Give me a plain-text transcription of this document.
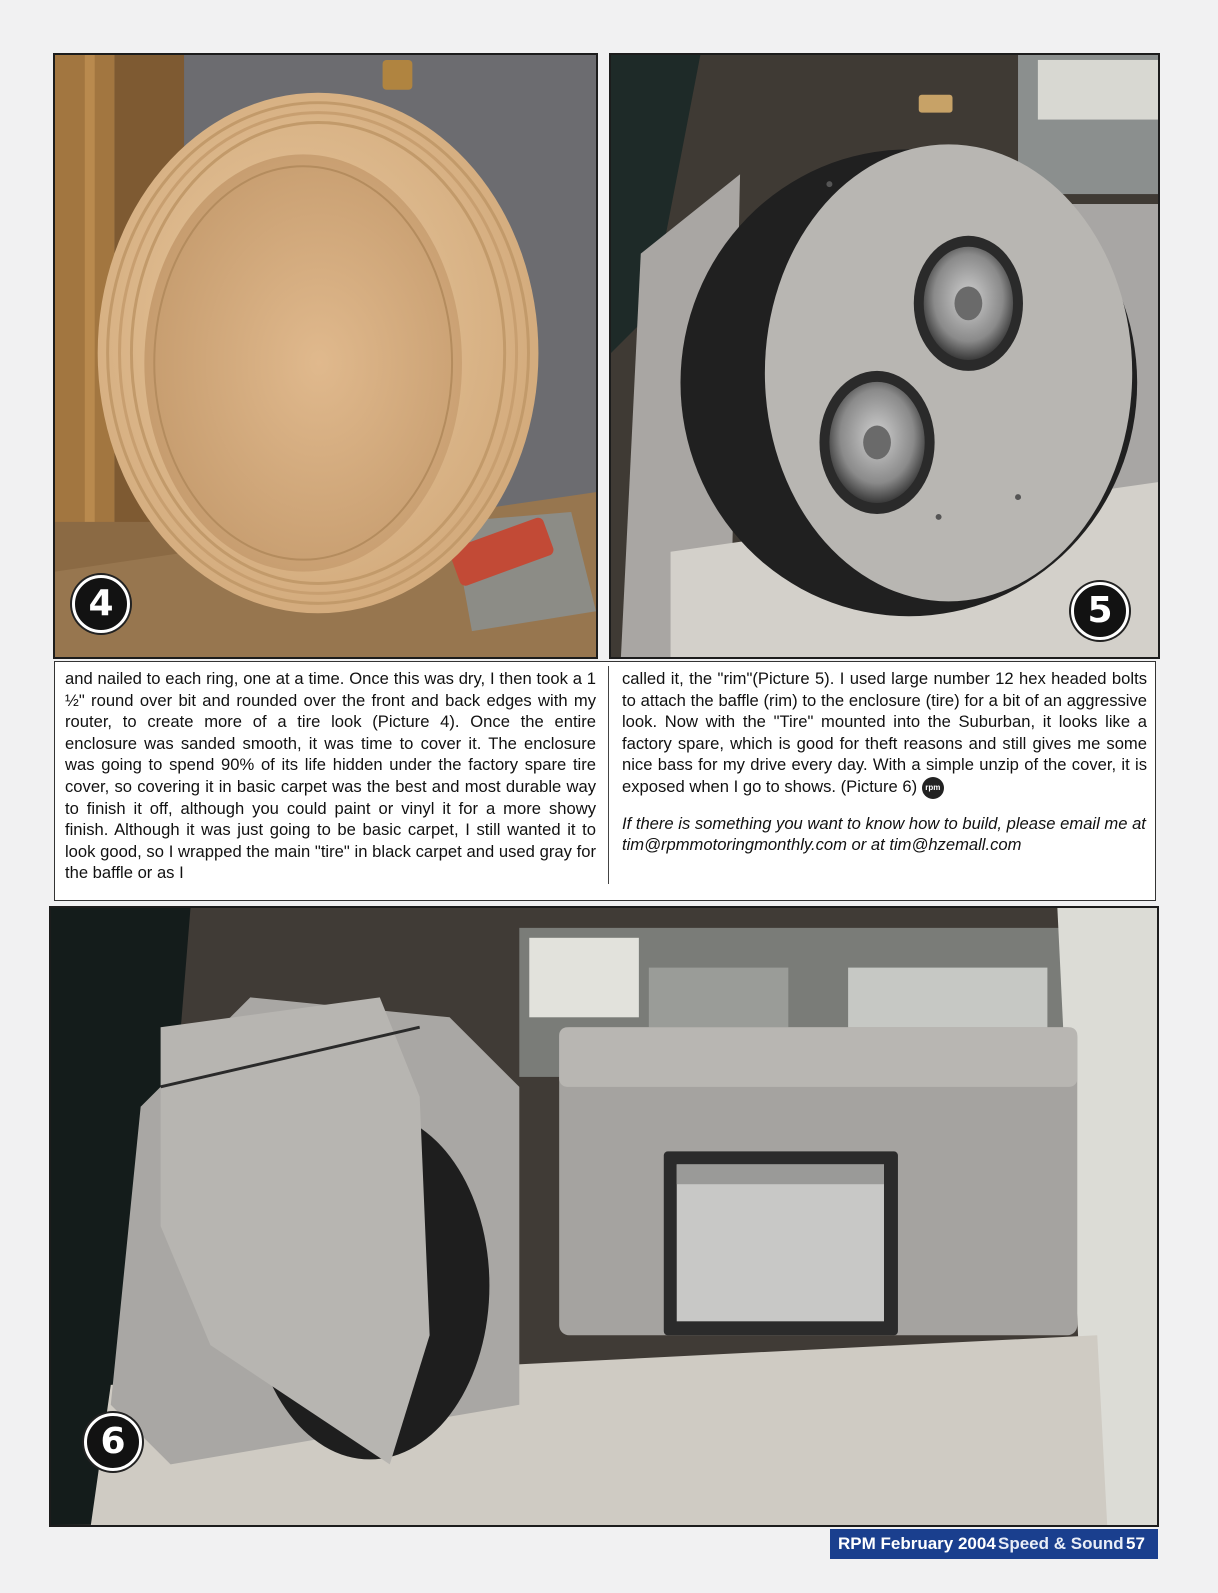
4	5
and nailed to each ring, one at a time. Once this was dry, I then took a 1 ½" round over bit and rounded over the front and back edges with my router, to create more of a tire look (Picture 4). Once the entire enclosure was sanded smooth, it was time to cover it. The enclosure was going to spend 90% of its life hidden under the factory spare tire cover, so covering it in basic carpet was the best and most durable way to finish it off, although you could paint or vinyl it for a more showy finish. Although it was just going to be basic carpet, I still wanted it to look good, so I wrapped the main "tire" in black carpet and used gray for the baffle or as I
called it, the "rim"(Picture 5). I used large number 12 hex headed bolts to attach the baffle (rim) to the enclosure (tire) for a bit of an aggressive look. Now with the "Tire" mounted into the Suburban, it looks like a factory spare, which is good for theft reasons and still gives me some nice bass for my drive every day. With a simple unzip of the cover, it is exposed when I go to shows. (Picture 6) rpm
If there is something you want to know how to build, please email me at tim@rpmmotoringmonthly.com or at tim@hzemall.com
6
RPM February 2004 Speed & Sound 57
